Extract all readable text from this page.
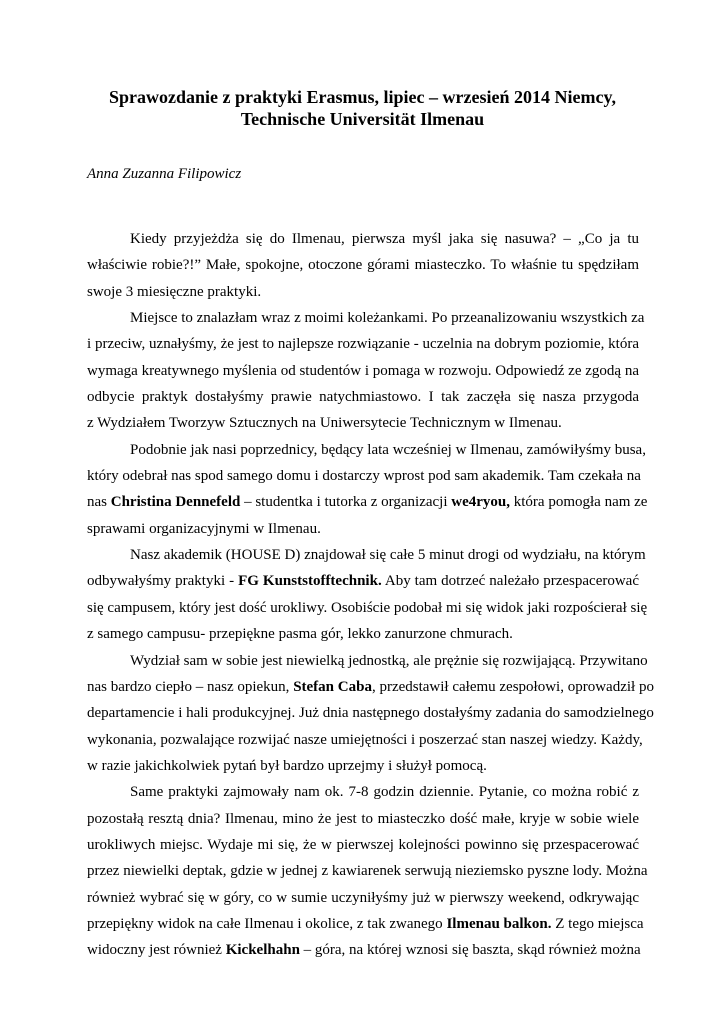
Sprawozdanie z praktyki Erasmus, lipiec – wrzesień 2014 Niemcy,
Technische Universität Ilmenau

Anna Zuzanna Filipowicz

Kiedy przyjeżdża się do Ilmenau, pierwsza myśl jaka się nasuwa? – „Co ja tu
właściwie robie?!” Małe, spokojne, otoczone górami miasteczko. To właśnie tu spędziłam
swoje 3 miesięczne praktyki.
Miejsce to znalazłam wraz z moimi koleżankami. Po przeanalizowaniu wszystkich za
i przeciw, uznałyśmy, że jest to najlepsze rozwiązanie - uczelnia na dobrym poziomie, która
wymaga kreatywnego myślenia od studentów i pomaga w rozwoju. Odpowiedź ze zgodą na
odbycie praktyk dostałyśmy prawie natychmiastowo. I tak zaczęła się nasza przygoda
z Wydziałem Tworzyw Sztucznych na Uniwersytecie Technicznym w Ilmenau.
Podobnie jak nasi poprzednicy, będący lata wcześniej w Ilmenau, zamówiłyśmy busa,
który odebrał nas spod samego domu i dostarczy wprost pod sam akademik. Tam czekała na
nas Christina Dennefeld – studentka i tutorka z organizacji we4ryou, która pomogła nam ze
sprawami organizacyjnymi w Ilmenau.
Nasz akademik (HOUSE D) znajdował się całe 5 minut drogi od wydziału, na którym
odbywałyśmy praktyki - FG Kunststofftechnik. Aby tam dotrzeć należało przespacerować
się campusem, który jest dość urokliwy. Osobiście podobał mi się widok jaki rozpościerał się
z samego campusu- przepiękne pasma gór, lekko zanurzone chmurach.
Wydział sam w sobie jest niewielką jednostką, ale prężnie się rozwijającą. Przywitano
nas bardzo ciepło – nasz opiekun, Stefan Caba, przedstawił całemu zespołowi, oprowadził po
departamencie i hali produkcyjnej. Już dnia następnego dostałyśmy zadania do samodzielnego
wykonania, pozwalające rozwijać nasze umiejętności i poszerzać stan naszej wiedzy. Każdy,
w razie jakichkolwiek pytań był bardzo uprzejmy i służył pomocą.
Same praktyki zajmowały nam ok. 7-8 godzin dziennie. Pytanie, co można robić z
pozostałą resztą dnia? Ilmenau, mino że jest to miasteczko dość małe, kryje w sobie wiele
urokliwych miejsc. Wydaje mi się, że w pierwszej kolejności powinno się przespacerować
przez niewielki deptak, gdzie w jednej z kawiarenek serwują nieziemsko pyszne lody. Można
również wybrać się w góry, co w sumie uczyniłyśmy już w pierwszy weekend, odkrywając
przepiękny widok na całe Ilmenau i okolice, z tak zwanego Ilmenau balkon. Z tego miejsca
widoczny jest również Kickelhahn – góra, na której wznosi się baszta, skąd również można
